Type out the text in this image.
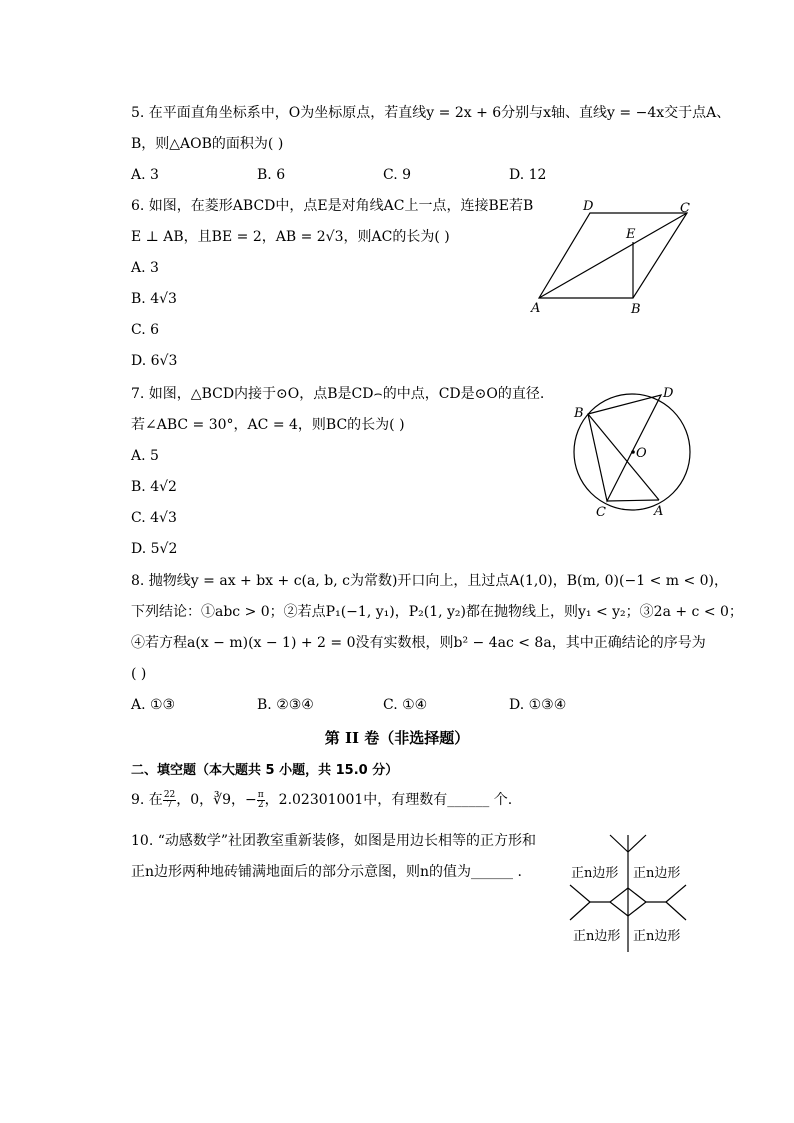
5. 在平面直角坐标系中，O为坐标原点，若直线y = 2x + 6分别与x轴、直线y = −4x交于点A、
B，则△AOB的面积为( )
A. 3	B. 6	C. 9	D. 12
6. 如图，在菱形ABCD中，点E是对角线AC上一点，连接BE若B
E ⊥ AB，且BE = 2，AB = 2√3，则AC的长为( )
A. 3
B. 4√3
C. 6
D. 6√3
D	C
E
A	B
7. 如图，△BCD内接于⊙O，点B是CD⌢的中点，CD是⊙O的直径.
若∠ABC = 30°，AC = 4，则BC的长为( )
A. 5
B. 4√2
C. 4√3
D. 5√2
B
D
O
C	A
8. 抛物线y = ax + bx + c(a, b, c为常数)开口向上，且过点A(1,0)，B(m, 0)(−1 < m < 0)，
下列结论：①abc > 0；②若点P₁(−1, y₁)，P₂(1, y₂)都在抛物线上，则y₁ < y₂；③2a + c < 0；
④若方程a(x − m)(x − 1) + 2 = 0没有实数根，则b² − 4ac < 8a，其中正确结论的序号为
( )
A. ①③	B. ②③④	C. ①④	D. ①③④
第 II 卷（非选择题）
二、填空题（本大题共 5 小题，共 15.0 分）
9. 在 $\frac{22}{7}$ ，0，∛9，− $\frac{\pi}{2}$ ，2.02301001中，有理数有______ 个.
10. “动感数学”社团教室重新装修，如图是用边长相等的正方形和
正n边形两种地砖铺满地面后的部分示意图，则n的值为______ .	正n边形 正n边形
正n边形 正n边形
